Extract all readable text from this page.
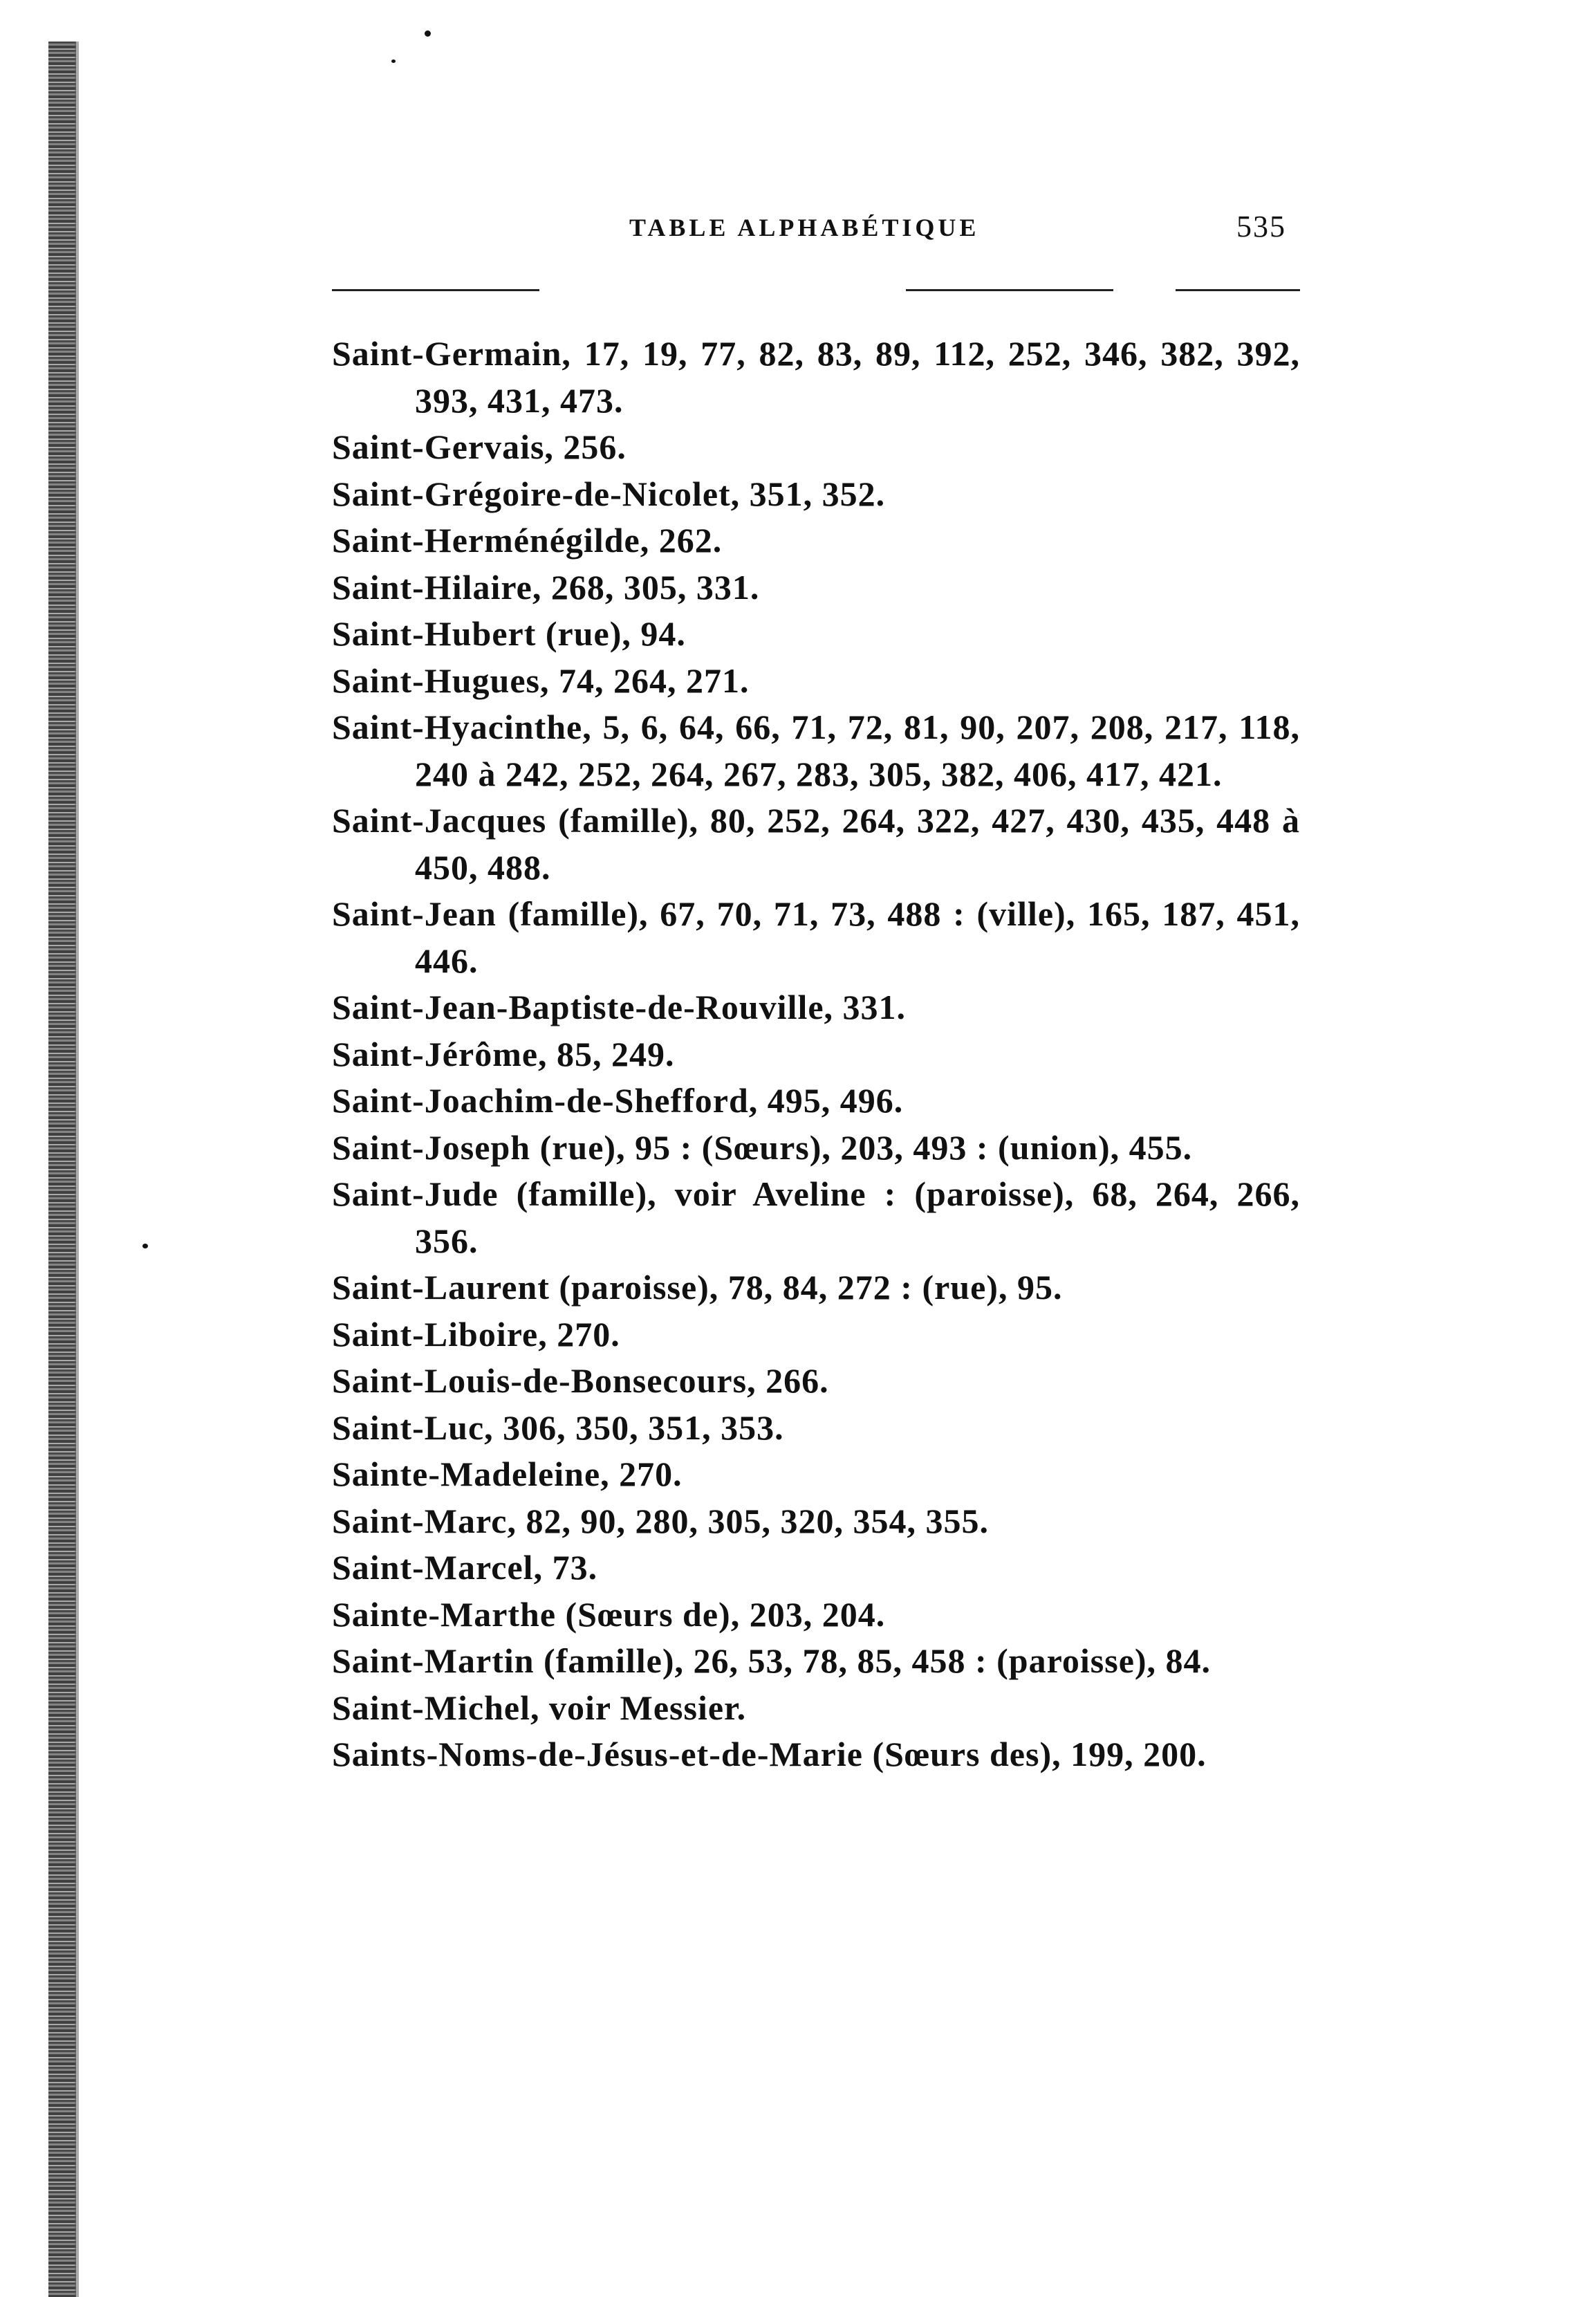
TABLE ALPHABÉTIQUE	535
Saint-Germain, 17, 19, 77, 82, 83, 89, 112, 252, 346, 382, 392, 393, 431, 473.
Saint-Gervais, 256.
Saint-Grégoire-de-Nicolet, 351, 352.
Saint-Herménégilde, 262.
Saint-Hilaire, 268, 305, 331.
Saint-Hubert (rue), 94.
Saint-Hugues, 74, 264, 271.
Saint-Hyacinthe, 5, 6, 64, 66, 71, 72, 81, 90, 207, 208, 217, 118, 240 à 242, 252, 264, 267, 283, 305, 382, 406, 417, 421.
Saint-Jacques (famille), 80, 252, 264, 322, 427, 430, 435, 448 à 450, 488.
Saint-Jean (famille), 67, 70, 71, 73, 488 : (ville), 165, 187, 451, 446.
Saint-Jean-Baptiste-de-Rouville, 331.
Saint-Jérôme, 85, 249.
Saint-Joachim-de-Shefford, 495, 496.
Saint-Joseph (rue), 95 : (Sœurs), 203, 493 : (union), 455.
Saint-Jude (famille), voir Aveline : (paroisse), 68, 264, 266, 356.
Saint-Laurent (paroisse), 78, 84, 272 : (rue), 95.
Saint-Liboire, 270.
Saint-Louis-de-Bonsecours, 266.
Saint-Luc, 306, 350, 351, 353.
Sainte-Madeleine, 270.
Saint-Marc, 82, 90, 280, 305, 320, 354, 355.
Saint-Marcel, 73.
Sainte-Marthe (Sœurs de), 203, 204.
Saint-Martin (famille), 26, 53, 78, 85, 458 : (paroisse), 84.
Saint-Michel, voir Messier.
Saints-Noms-de-Jésus-et-de-Marie (Sœurs des), 199, 200.
